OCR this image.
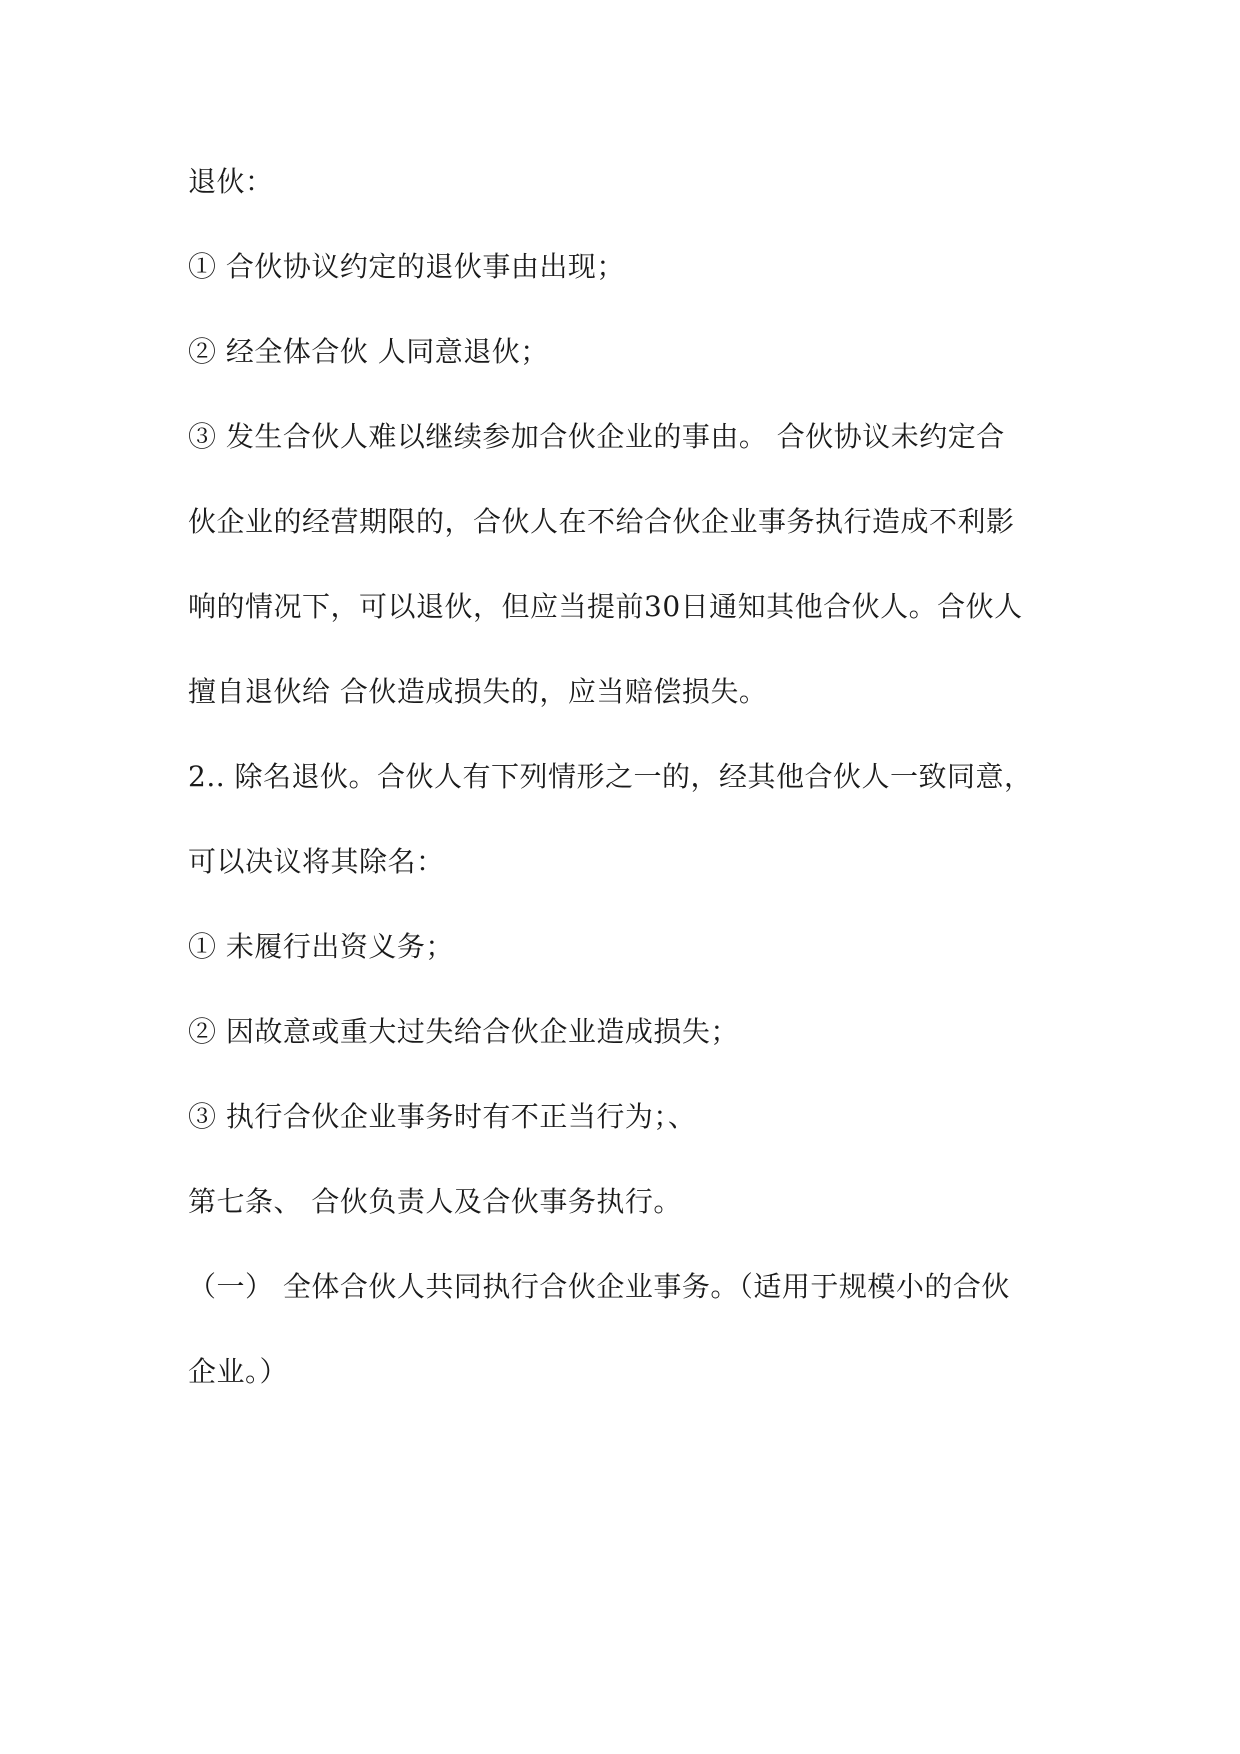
退伙：
① 合伙协议约定的退伙事由出现；
② 经全体合伙 人同意退伙；
③ 发生合伙人难以继续参加合伙企业的事由。 合伙协议未约定合
伙企业的经营期限的，合伙人在不给合伙企业事务执行造成不利影
响的情况下，可以退伙，但应当提前30日通知其他合伙人。合伙人
擅自退伙给 合伙造成损失的，应当赔偿损失。
2.. 除名退伙。合伙人有下列情形之一的，经其他合伙人一致同意，
可以决议将其除名：
① 未履行出资义务；
② 因故意或重大过失给合伙企业造成损失；
③ 执行合伙企业事务时有不正当行为；、
第七条、 合伙负责人及合伙事务执行。
（一） 全体合伙人共同执行合伙企业事务。（适用于规模小的合伙
企业。）
